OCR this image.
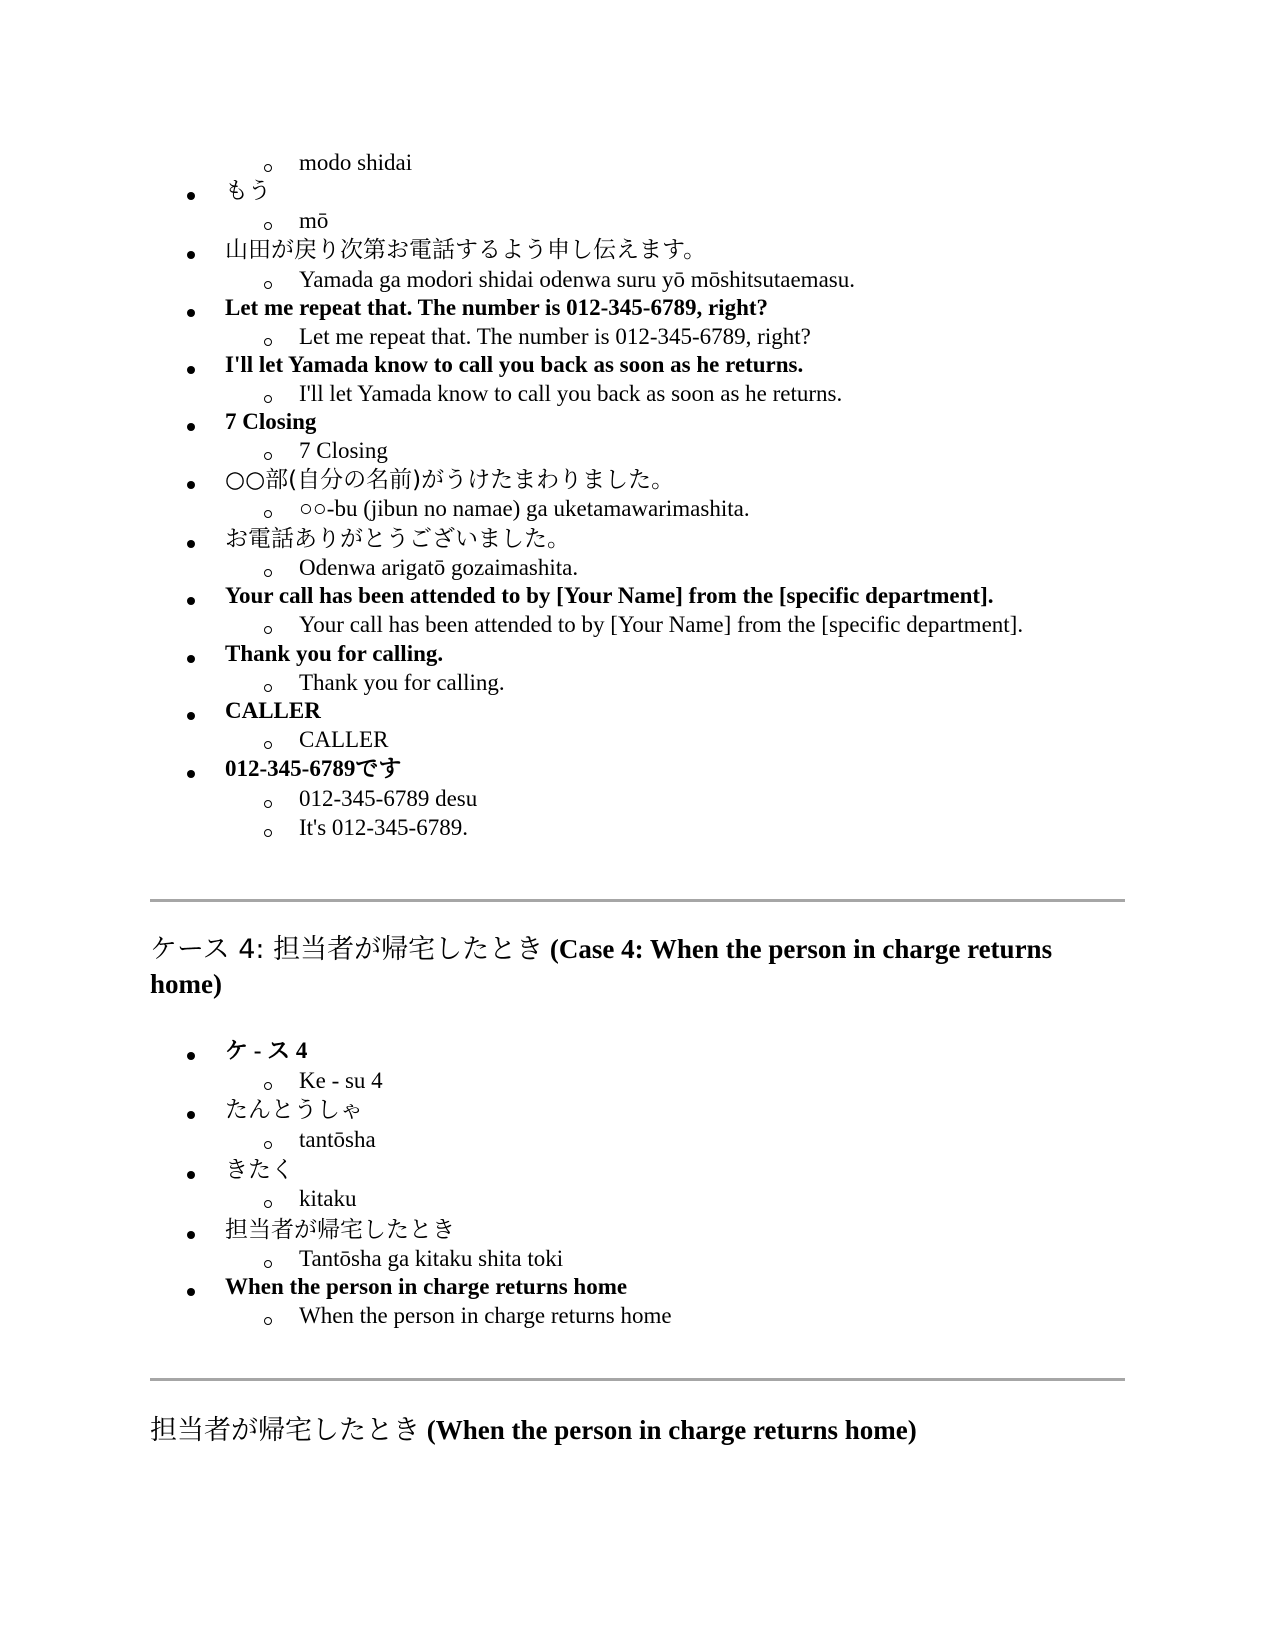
modo shidai
もう
mō
山田が戻り次第お電話するよう申し伝えます。
Yamada ga modori shidai odenwa suru yō mōshitsutaemasu.
Let me repeat that. The number is 012-345-6789, right?
Let me repeat that. The number is 012-345-6789, right?
I'll let Yamada know to call you back as soon as he returns.
I'll let Yamada know to call you back as soon as he returns.
7 Closing
7 Closing
○○部(自分の名前)がうけたまわりました。
○○-bu (jibun no namae) ga uketamawarimashita.
お電話ありがとうございました。
Odenwa arigatō gozaimashita.
Your call has been attended to by [Your Name] from the [specific department].
Your call has been attended to by [Your Name] from the [specific department].
Thank you for calling.
Thank you for calling.
CALLER
CALLER
012-345-6789です
012-345-6789 desu
It's 012-345-6789.
ケース 4: 担当者が帰宅したとき (Case 4: When the person in charge returns home)
ケ - ス 4
Ke - su 4
たんとうしゃ
tantōsha
きたく
kitaku
担当者が帰宅したとき
Tantōsha ga kitaku shita toki
When the person in charge returns home
When the person in charge returns home
担当者が帰宅したとき (When the person in charge returns home)
